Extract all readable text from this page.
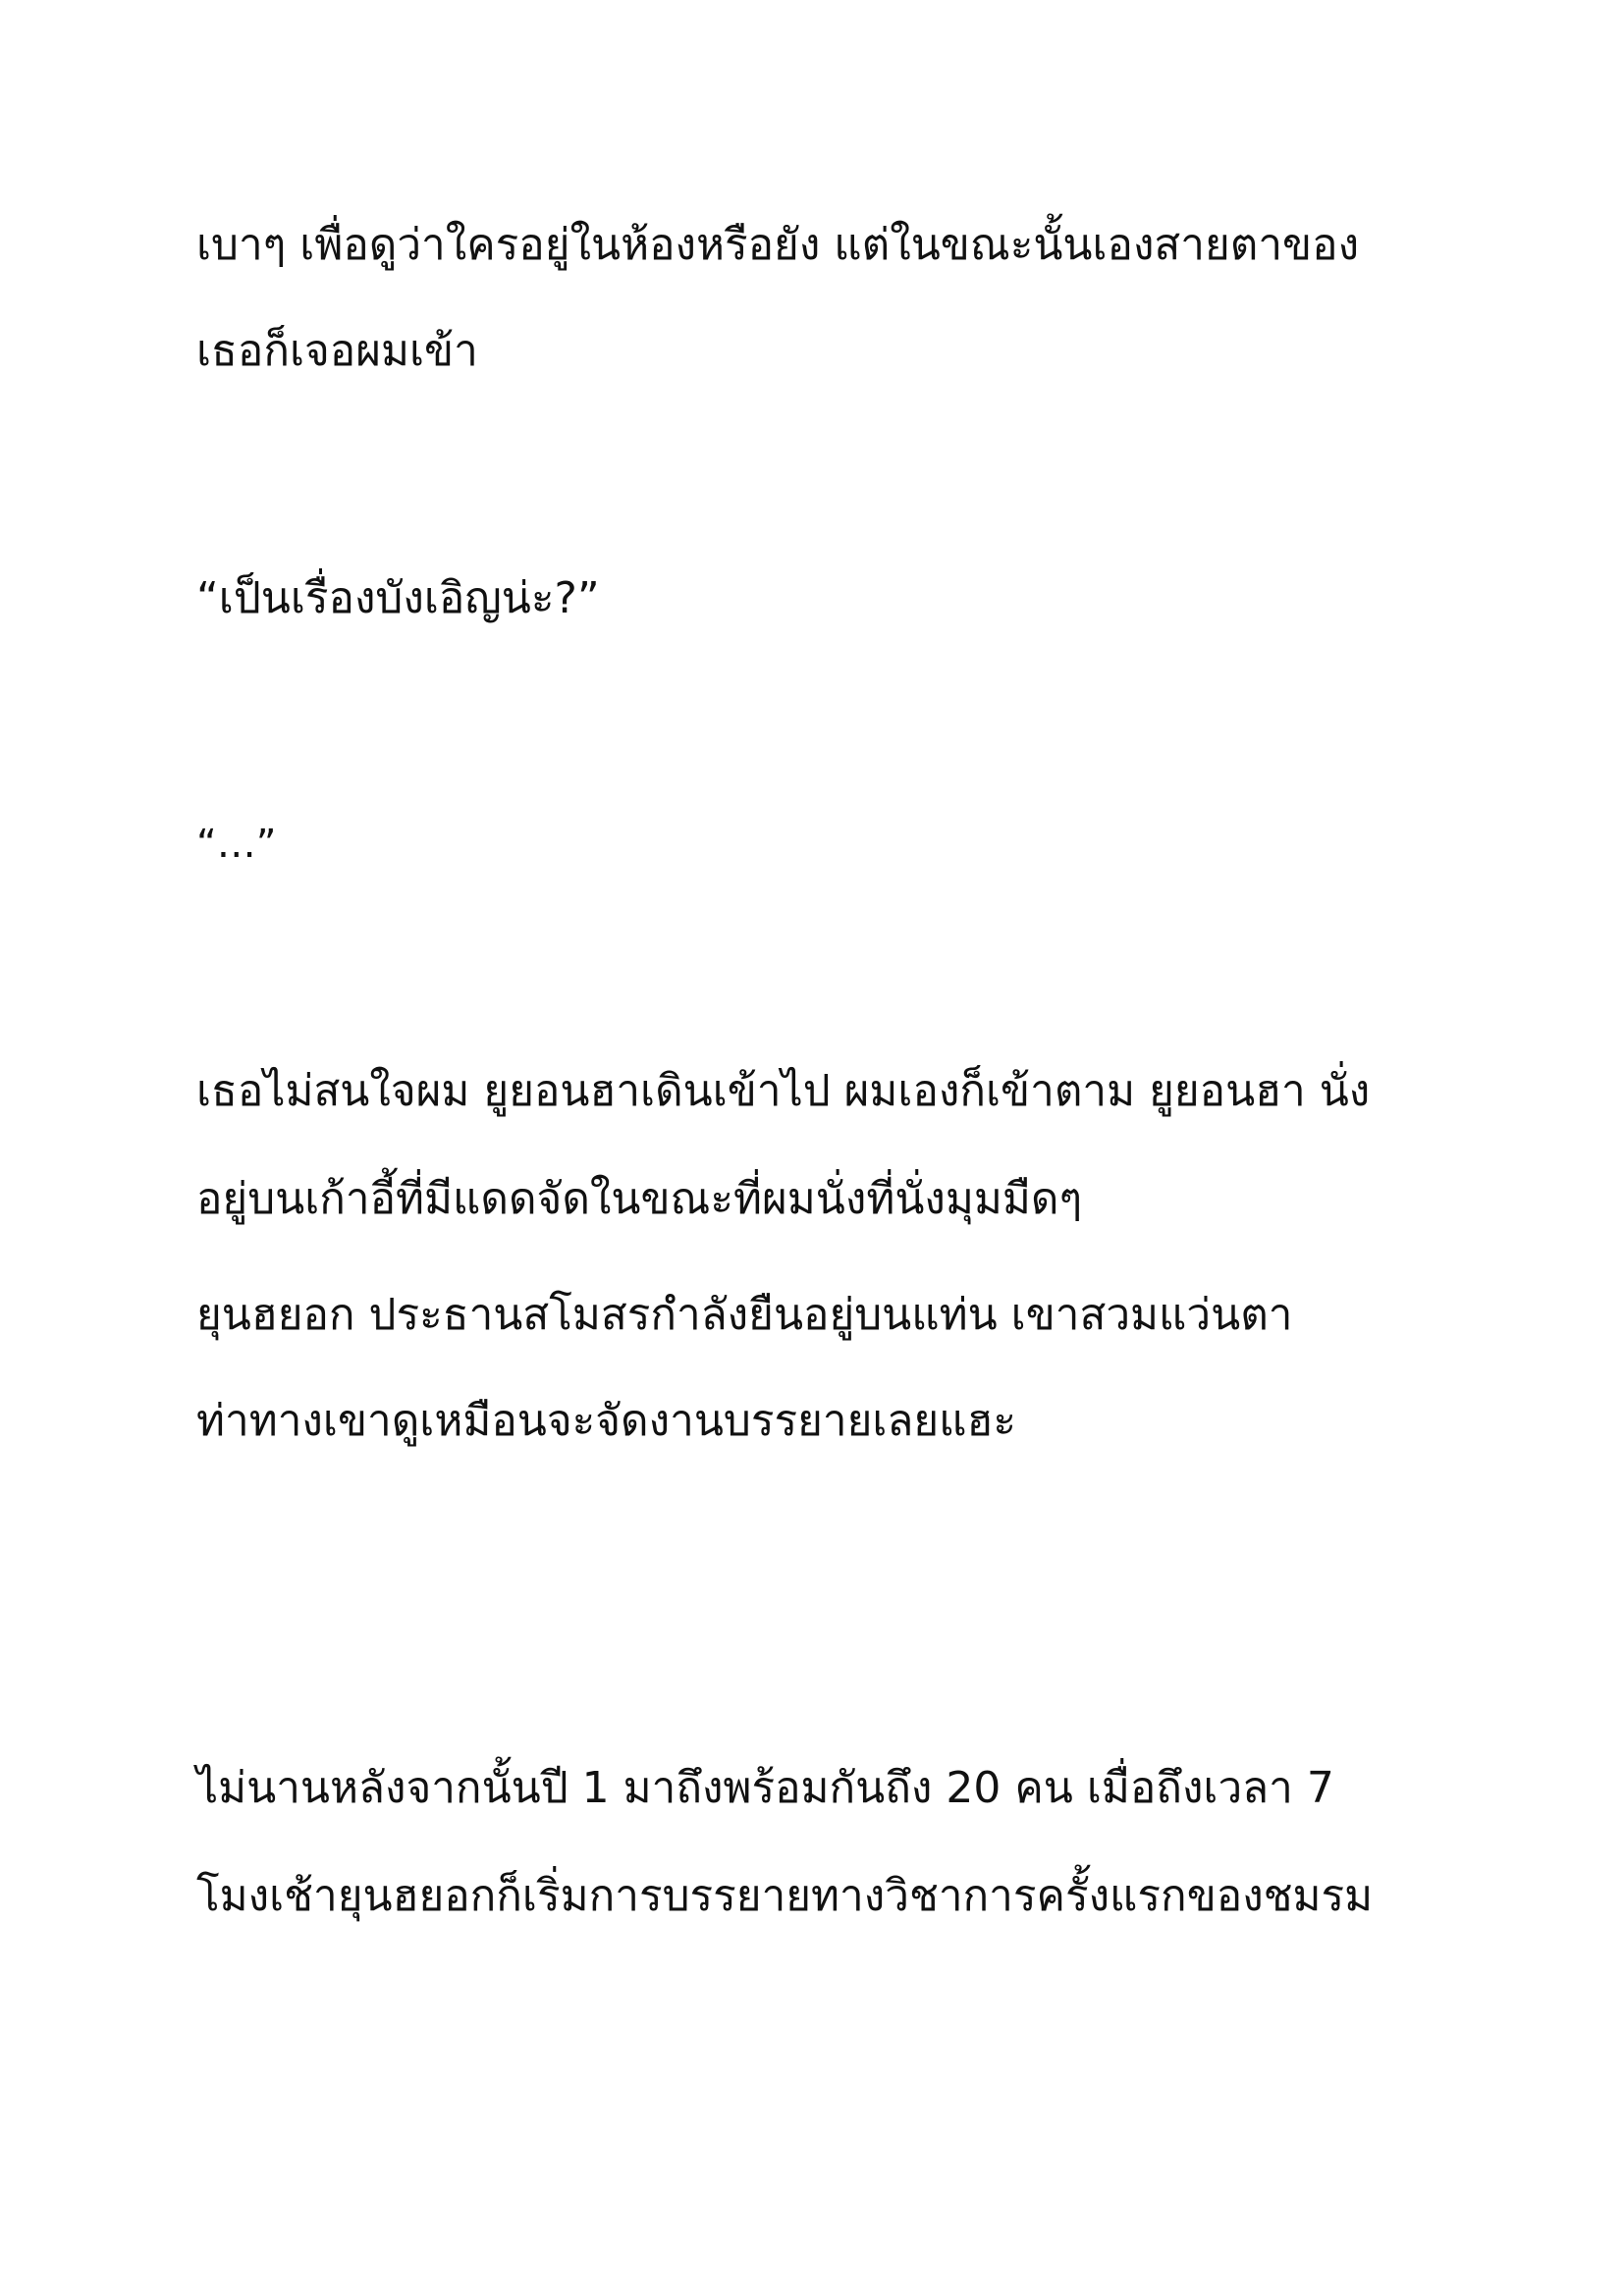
เบาๆ เพื่อดูว่าใครอยู่ในห้องหรือยัง แต่ในขณะนั้นเองสายตาของ

เธอก็เจอผมเข้า

“เป็นเรื่องบังเอิญน่ะ?”

“…”

เธอไม่สนใจผม ยูยอนฮาเดินเข้าไป ผมเองก็เข้าตาม ยูยอนฮา นั่ง

อยู่บนเก้าอี้ที่มีแดดจัดในขณะที่ผมนั่งที่นั่งมุมมืดๆ

ยุนฮยอก ประธานสโมสรกำลังยืนอยู่บนแท่น เขาสวมแว่นตา

ท่าทางเขาดูเหมือนจะจัดงานบรรยายเลยแฮะ

ไม่นานหลังจากนั้นปี 1 มาถึงพร้อมกันถึง 20 คน เมื่อถึงเวลา 7

โมงเช้ายุนฮยอกก็เริ่มการบรรยายทางวิชาการครั้งแรกของชมรม
